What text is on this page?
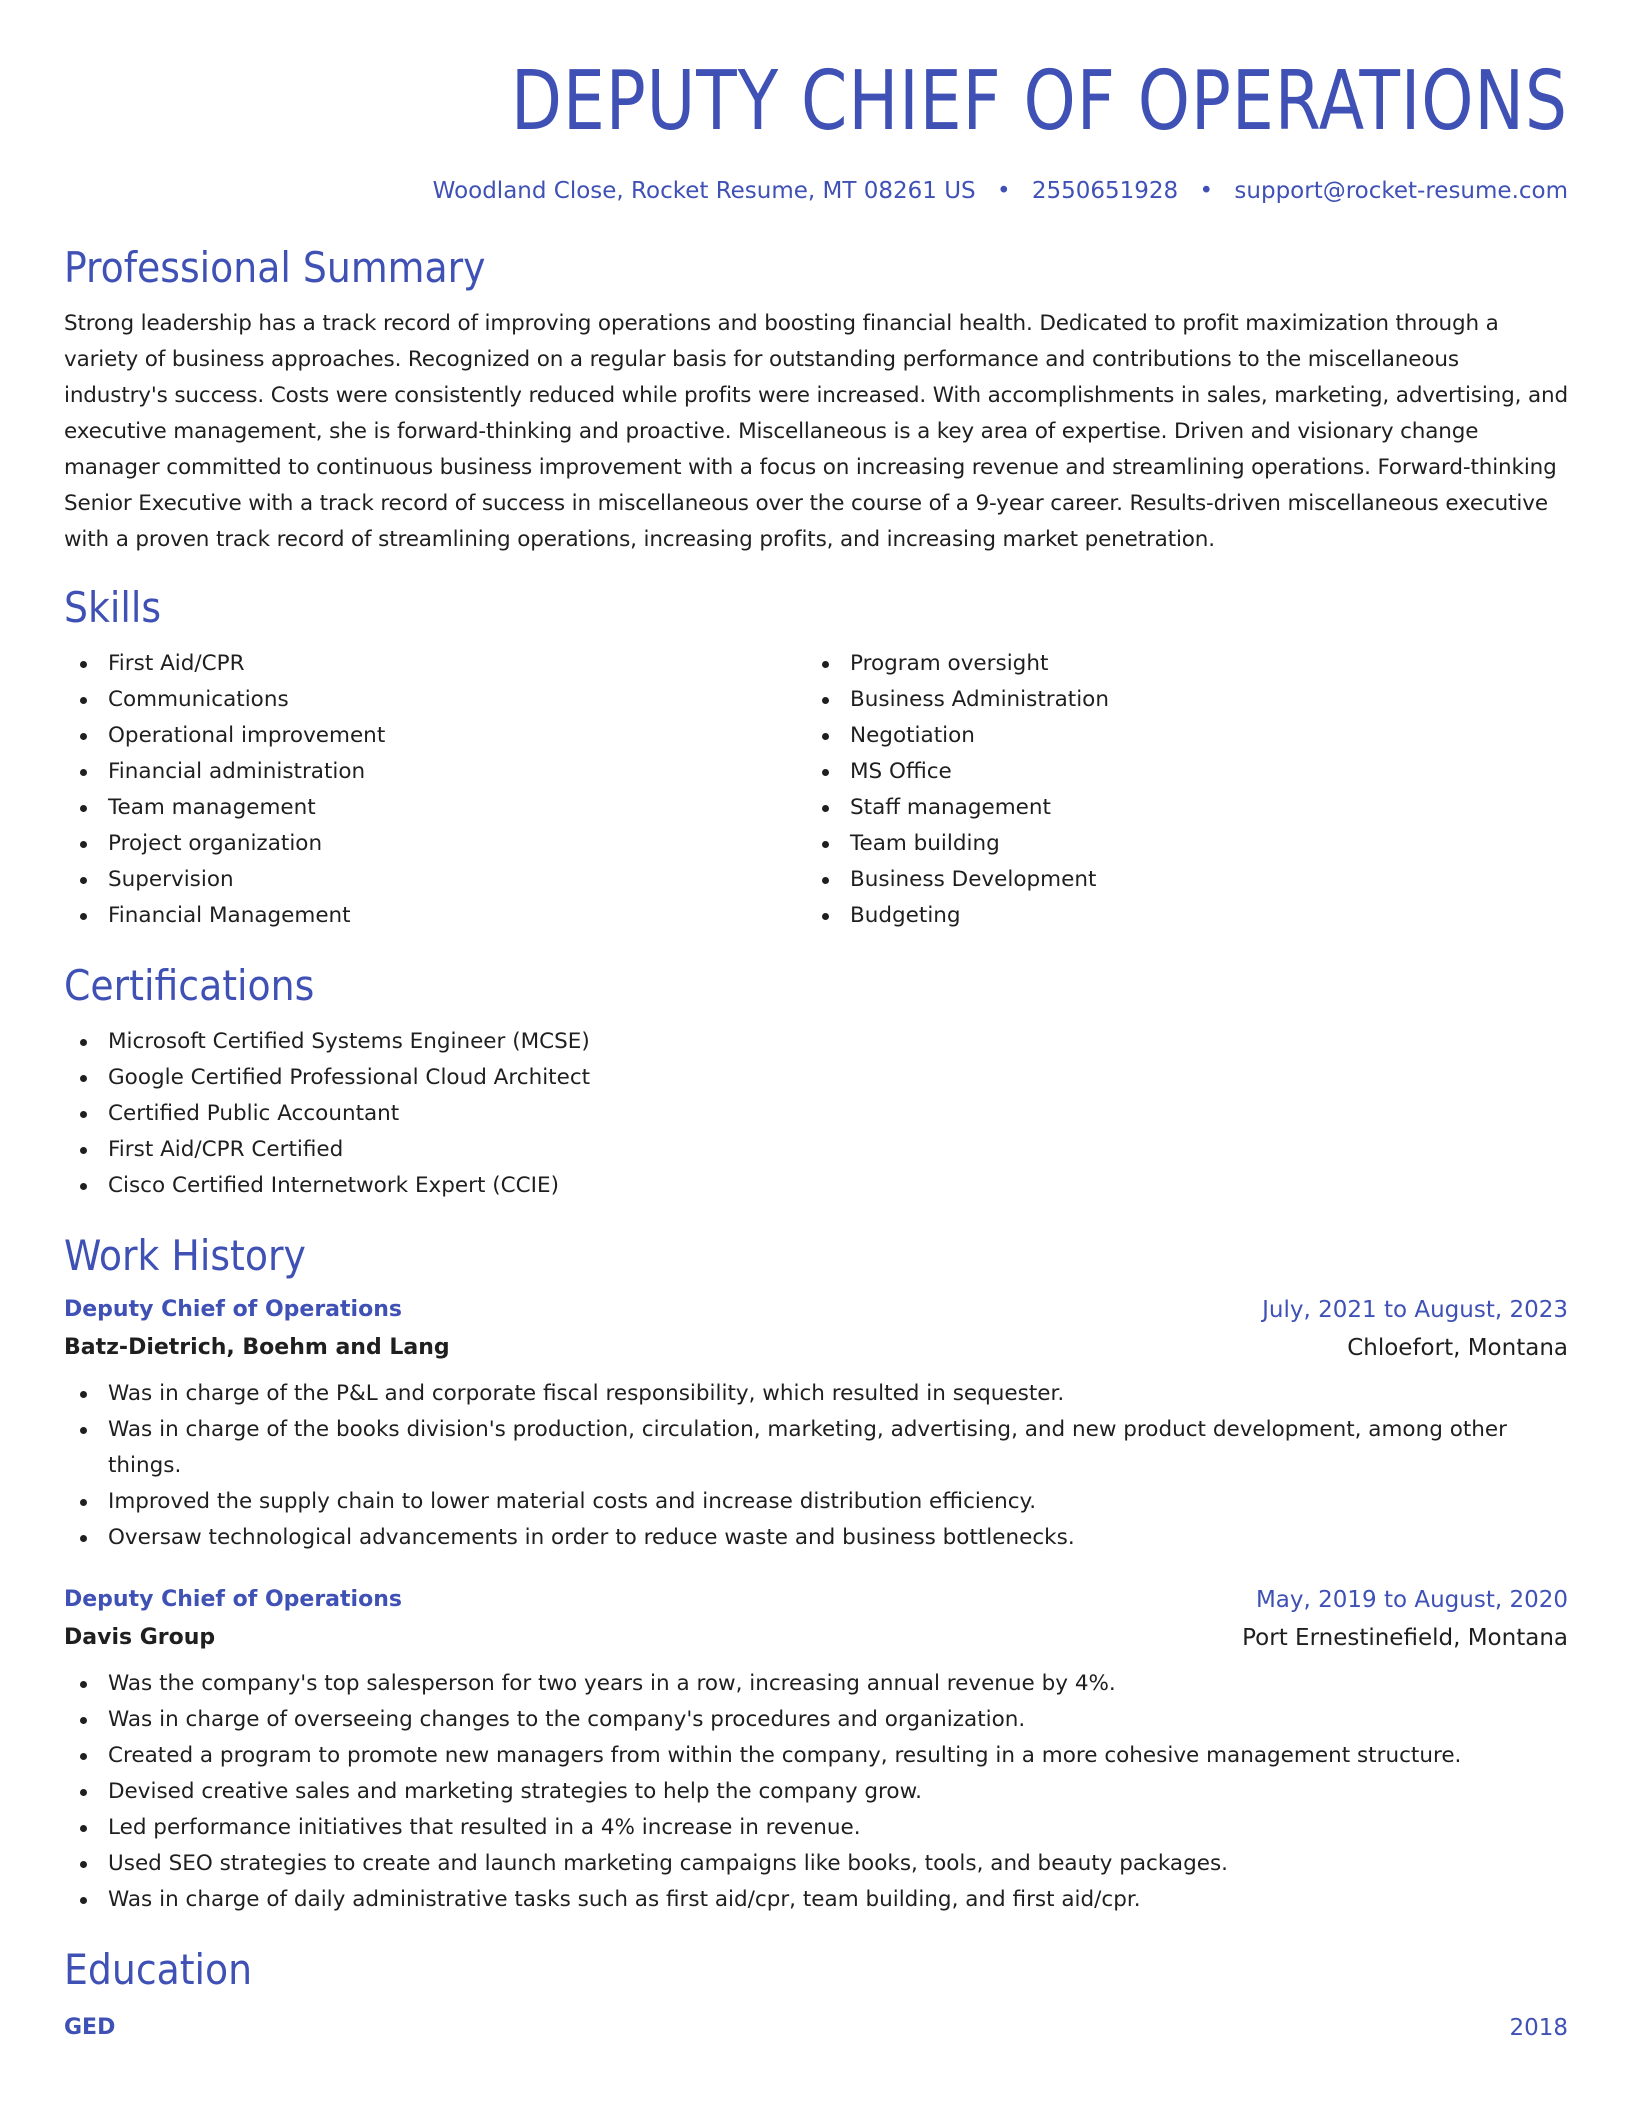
DEPUTY CHIEF OF OPERATIONS
Woodland Close, Rocket Resume, MT 08261 US • 2550651928 • support@rocket-resume.com
Professional Summary
Strong leadership has a track record of improving operations and boosting financial health. Dedicated to profit maximization through a variety of business approaches. Recognized on a regular basis for outstanding performance and contributions to the miscellaneous industry's success. Costs were consistently reduced while profits were increased. With accomplishments in sales, marketing, advertising, and executive management, she is forward-thinking and proactive. Miscellaneous is a key area of expertise. Driven and visionary change manager committed to continuous business improvement with a focus on increasing revenue and streamlining operations. Forward-thinking Senior Executive with a track record of success in miscellaneous over the course of a 9-year career. Results-driven miscellaneous executive with a proven track record of streamlining operations, increasing profits, and increasing market penetration.
Skills
First Aid/CPR
Communications
Operational improvement
Financial administration
Team management
Project organization
Supervision
Financial Management
Program oversight
Business Administration
Negotiation
MS Office
Staff management
Team building
Business Development
Budgeting
Certifications
Microsoft Certified Systems Engineer (MCSE)
Google Certified Professional Cloud Architect
Certified Public Accountant
First Aid/CPR Certified
Cisco Certified Internetwork Expert (CCIE)
Work History
Deputy Chief of Operations	July, 2021 to August, 2023
Batz-Dietrich, Boehm and Lang	Chloefort, Montana
Was in charge of the P&L and corporate fiscal responsibility, which resulted in sequester.
Was in charge of the books division's production, circulation, marketing, advertising, and new product development, among other things.
Improved the supply chain to lower material costs and increase distribution efficiency.
Oversaw technological advancements in order to reduce waste and business bottlenecks.
Deputy Chief of Operations	May, 2019 to August, 2020
Davis Group	Port Ernestinefield, Montana
Was the company's top salesperson for two years in a row, increasing annual revenue by 4%.
Was in charge of overseeing changes to the company's procedures and organization.
Created a program to promote new managers from within the company, resulting in a more cohesive management structure.
Devised creative sales and marketing strategies to help the company grow.
Led performance initiatives that resulted in a 4% increase in revenue.
Used SEO strategies to create and launch marketing campaigns like books, tools, and beauty packages.
Was in charge of daily administrative tasks such as first aid/cpr, team building, and first aid/cpr.
Education
GED	2018
